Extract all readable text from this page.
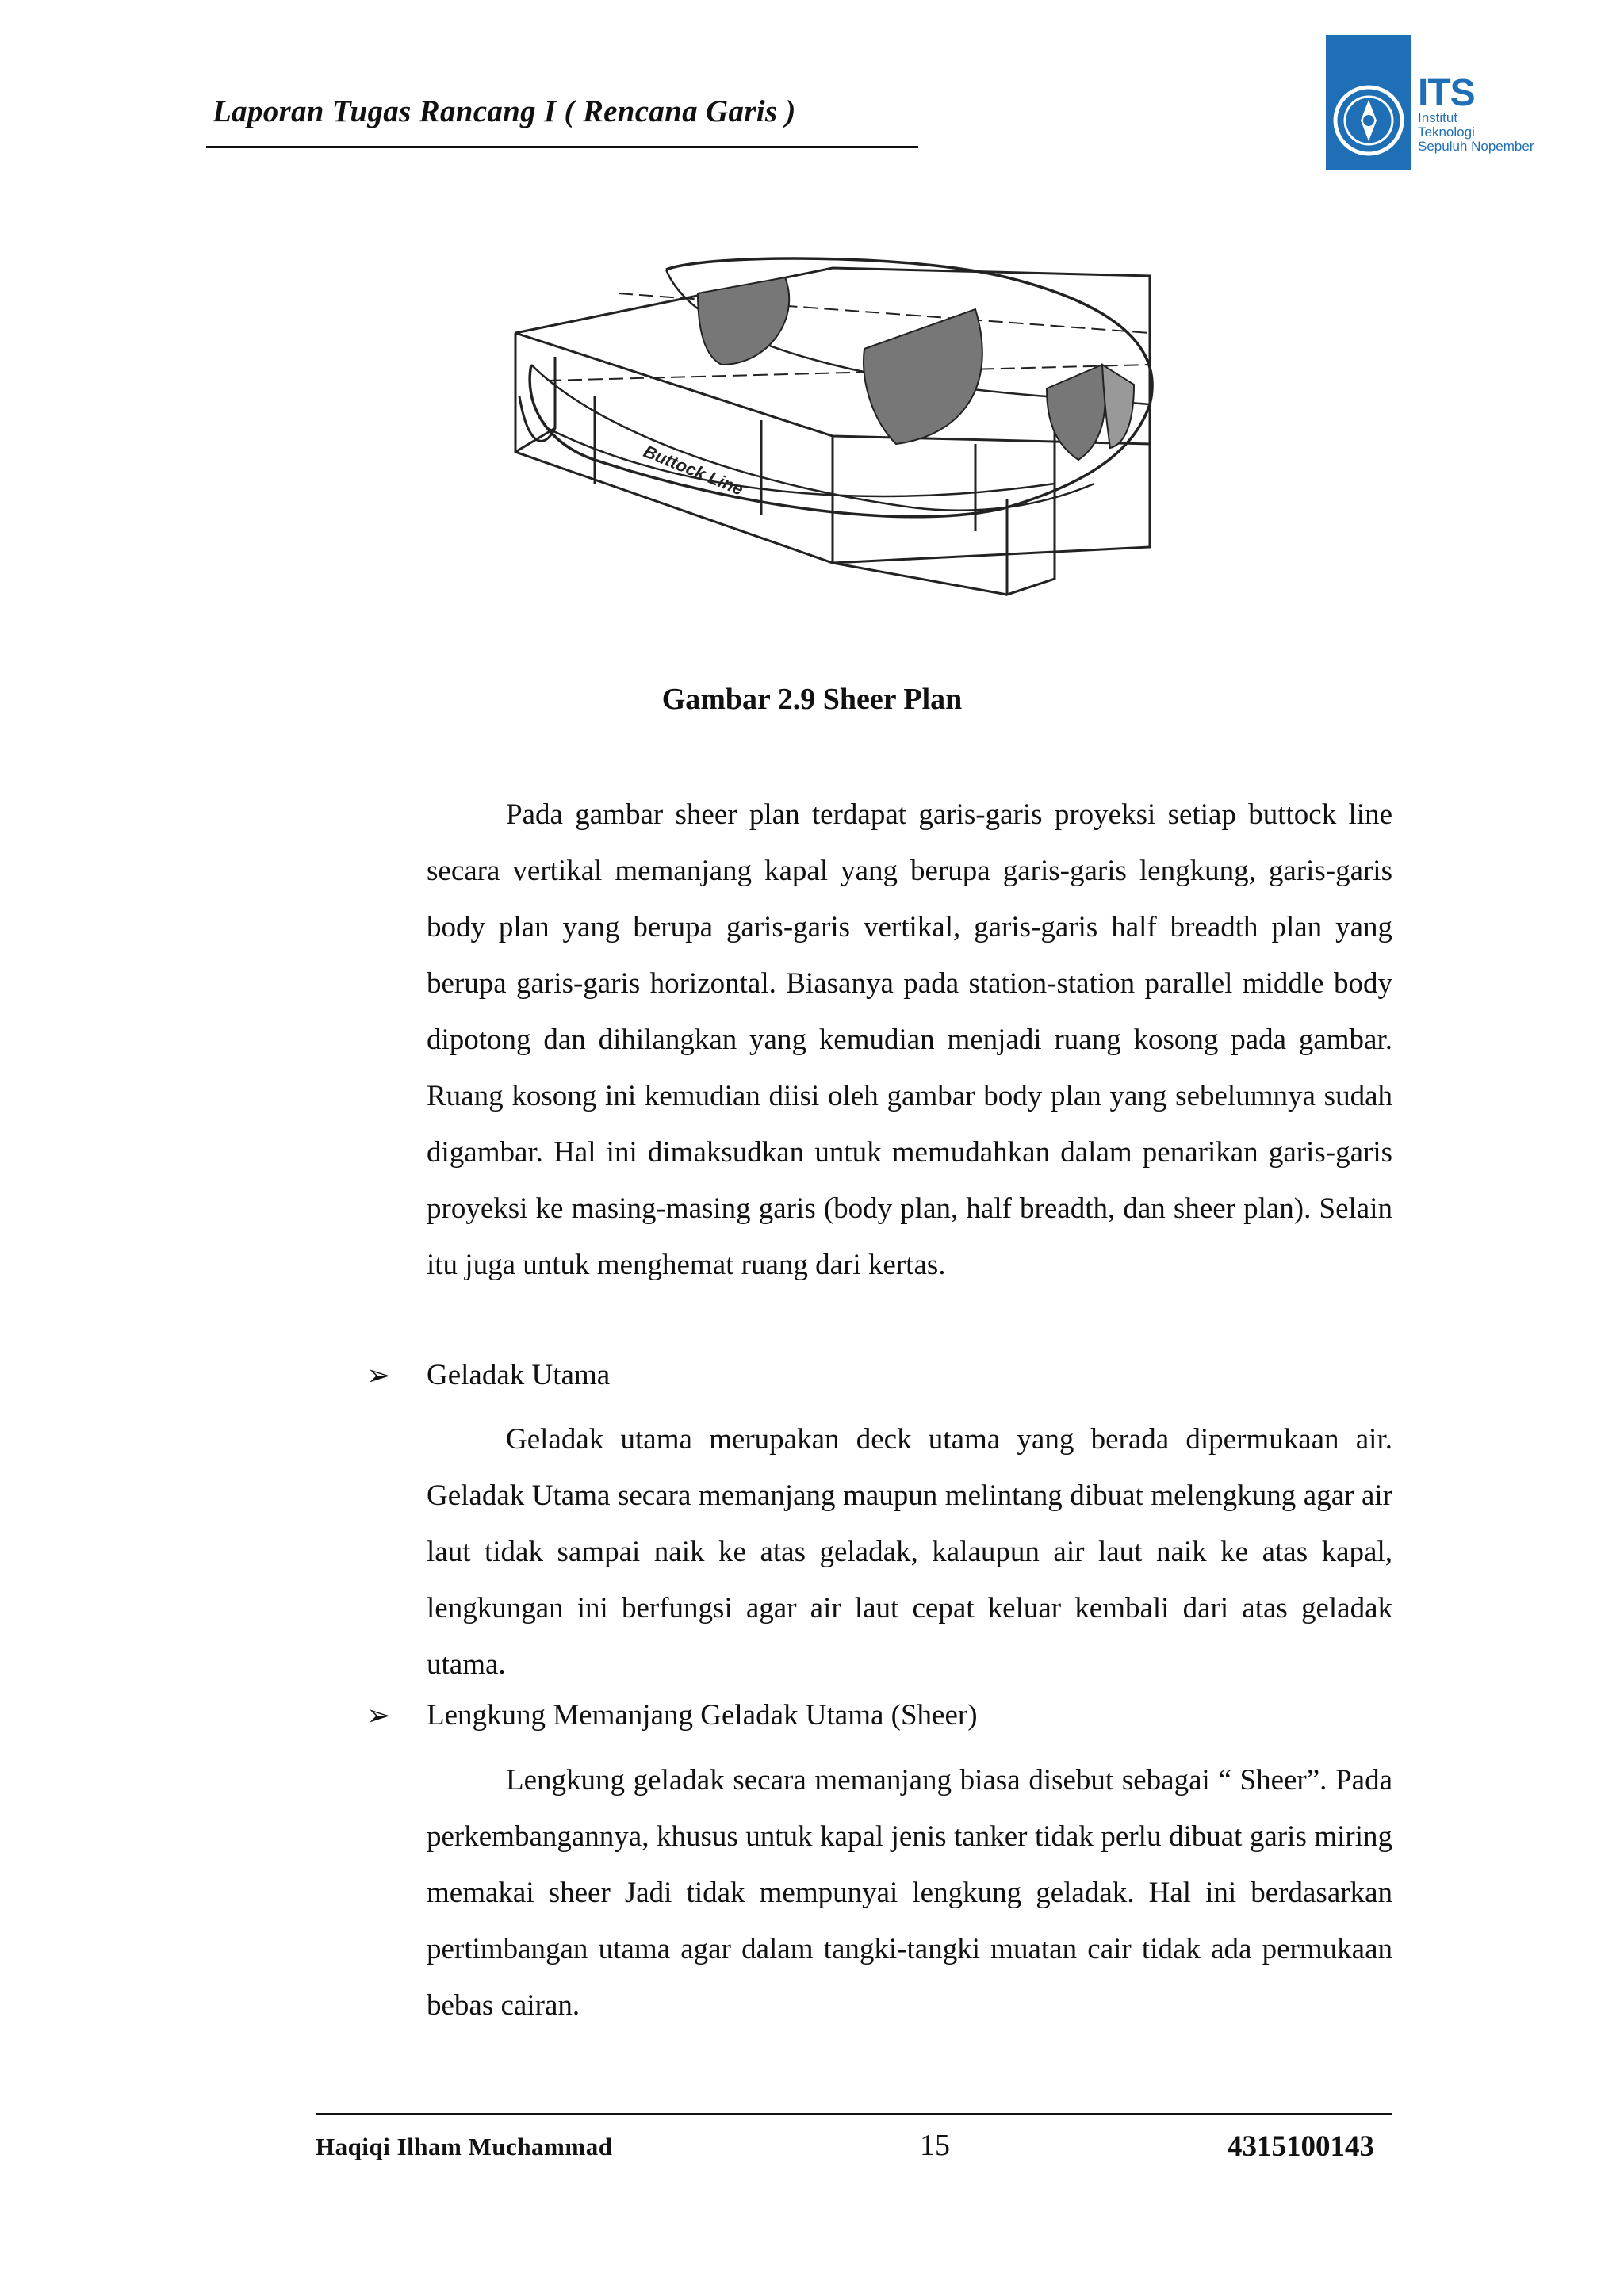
Laporan Tugas Rancang I ( Rencana Garis )	ITS
Institut
Teknologi
Sepuluh Nopember
Buttock Line
Gambar 2.9 Sheer Plan

Pada gambar sheer plan terdapat garis-garis proyeksi setiap buttock line secara vertikal memanjang kapal yang berupa garis-garis lengkung, garis-garis body plan yang berupa garis-garis vertikal, garis-garis half breadth plan yang berupa garis-garis horizontal. Biasanya pada station-station parallel middle body dipotong dan dihilangkan yang kemudian menjadi ruang kosong pada gambar. Ruang kosong ini kemudian diisi oleh gambar body plan yang sebelumnya sudah digambar. Hal ini dimaksudkan untuk memudahkan dalam penarikan garis-garis proyeksi ke masing-masing garis (body plan, half breadth, dan sheer plan). Selain itu juga untuk menghemat ruang dari kertas.

➢ Geladak Utama

Geladak utama merupakan deck utama yang berada dipermukaan air. Geladak Utama secara memanjang maupun melintang dibuat melengkung agar air laut tidak sampai naik ke atas geladak, kalaupun air laut naik ke atas kapal, lengkungan ini berfungsi agar air laut cepat keluar kembali dari atas geladak utama.

➢ Lengkung Memanjang Geladak Utama (Sheer)

Lengkung geladak secara memanjang biasa disebut sebagai “ Sheer”. Pada perkembangannya, khusus untuk kapal jenis tanker tidak perlu dibuat garis miring memakai sheer Jadi tidak mempunyai lengkung geladak. Hal ini berdasarkan pertimbangan utama agar dalam tangki-tangki muatan cair tidak ada permukaan bebas cairan.

Haqiqi Ilham Muchammad	15	4315100143
